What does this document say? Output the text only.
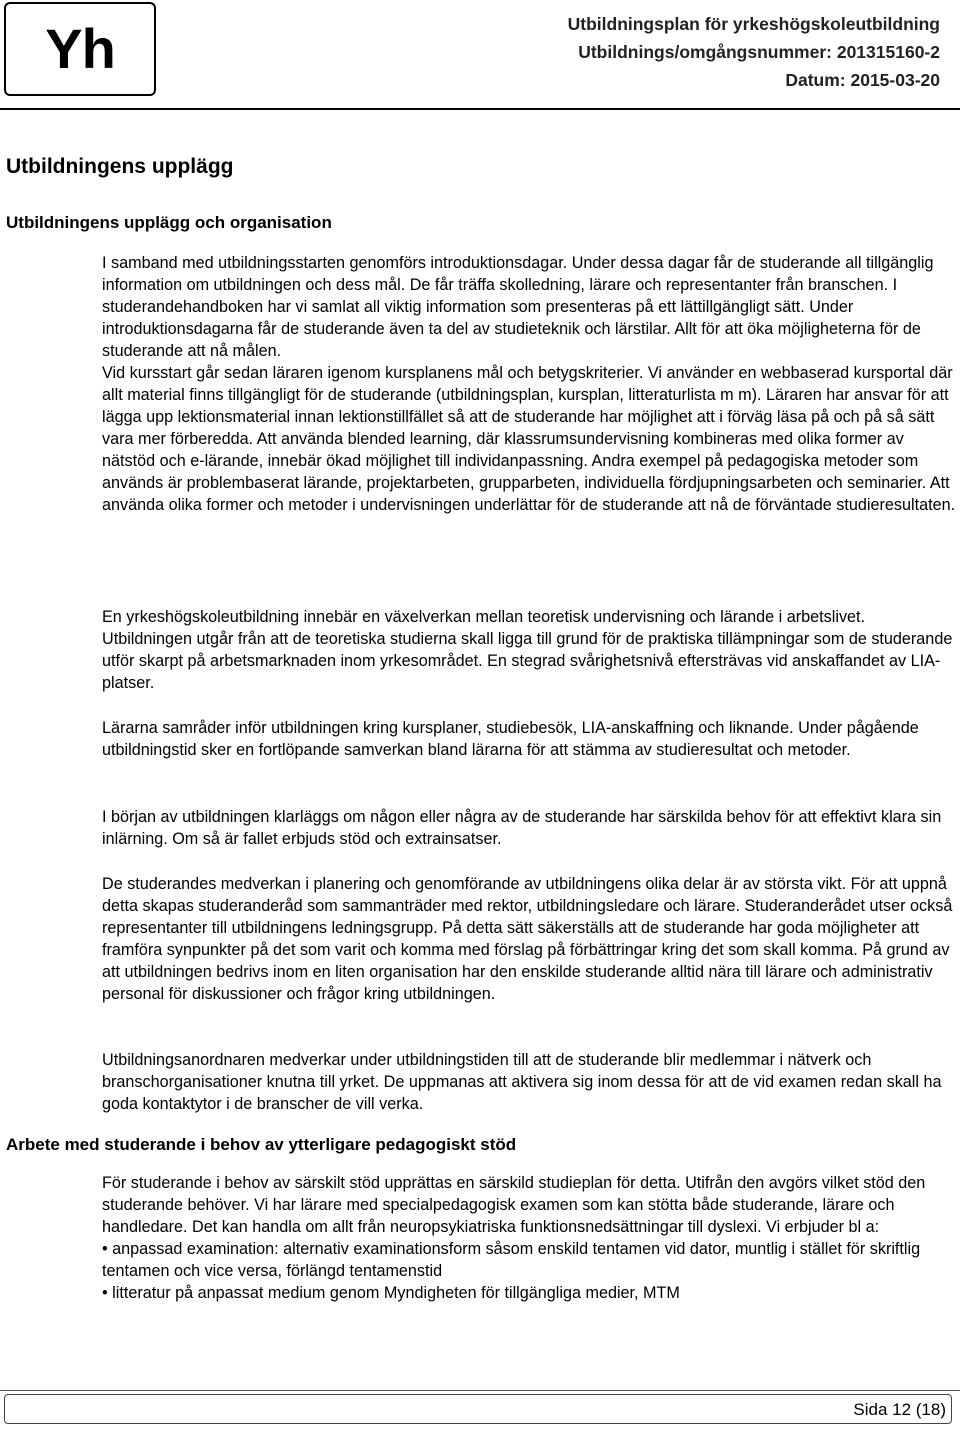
Yh	Utbildningsplan för yrkeshögskoleutbildning
Utbildnings/omgångsnummer: 201315160-2
Datum: 2015-03-20
Utbildningens upplägg
Utbildningens upplägg och organisation

I samband med utbildningsstarten genomförs introduktionsdagar. Under dessa dagar får de studerande all tillgänglig information om utbildningen och dess mål. De får träffa skolledning, lärare och representanter från branschen. I studerandehandboken har vi samlat all viktig information som presenteras på ett lättillgängligt sätt. Under introduktionsdagarna får de studerande även ta del av studieteknik och lärstilar. Allt för att öka möjligheterna för de studerande att nå målen.

Vid kursstart går sedan läraren igenom kursplanens mål och betygskriterier. Vi använder en webbaserad kursportal där allt material finns tillgängligt för de studerande (utbildningsplan, kursplan, litteraturlista m m). Läraren har ansvar för att lägga upp lektionsmaterial innan lektionstillfället så att de studerande har möjlighet att i förväg läsa på och på så sätt vara mer förberedda. Att använda blended learning, där klassrumsundervisning kombineras med olika former av nätstöd och e-lärande, innebär ökad möjlighet till individanpassning. Andra exempel på pedagogiska metoder som används är problembaserat lärande, projektarbeten, grupparbeten, individuella fördjupningsarbeten och seminarier. Att använda olika former och metoder i undervisningen underlättar för de studerande att nå de förväntade studieresultaten.

En yrkeshögskoleutbildning innebär en växelverkan mellan teoretisk undervisning och lärande i arbetslivet. Utbildningen utgår från att de teoretiska studierna skall ligga till grund för de praktiska tillämpningar som de studerande utför skarpt på arbetsmarknaden inom yrkesområdet. En stegrad svårighetsnivå eftersträvas vid anskaffandet av LIA-platser.

Lärarna samråder inför utbildningen kring kursplaner, studiebesök, LIA-anskaffning och liknande. Under pågående utbildningstid sker en fortlöpande samverkan bland lärarna för att stämma av studieresultat och metoder.

I början av utbildningen klarläggs om någon eller några av de studerande har särskilda behov för att effektivt klara sin inlärning. Om så är fallet erbjuds stöd och extrainsatser.

De studerandes medverkan i planering och genomförande av utbildningens olika delar är av största vikt. För att uppnå detta skapas studeranderåd som sammanträder med rektor, utbildningsledare och lärare. Studeranderådet utser också representanter till utbildningens ledningsgrupp. På detta sätt säkerställs att de studerande har goda möjligheter att framföra synpunkter på det som varit och komma med förslag på förbättringar kring det som skall komma. På grund av att utbildningen bedrivs inom en liten organisation har den enskilde studerande alltid nära till lärare och administrativ personal för diskussioner och frågor kring utbildningen.

Utbildningsanordnaren medverkar under utbildningstiden till att de studerande blir medlemmar i nätverk och branschorganisationer knutna till yrket. De uppmanas att aktivera sig inom dessa för att de vid examen redan skall ha goda kontaktytor i de branscher de vill verka.

Arbete med studerande i behov av ytterligare pedagogiskt stöd

För studerande i behov av särskilt stöd upprättas en särskild studieplan för detta. Utifrån den avgörs vilket stöd den studerande behöver. Vi har lärare med specialpedagogisk examen som kan stötta både studerande, lärare och handledare. Det kan handla om allt från neuropsykiatriska funktionsnedsättningar till dyslexi. Vi erbjuder bl a:

• anpassad examination: alternativ examinationsform såsom enskild tentamen vid dator, muntlig i stället för skriftlig tentamen och vice versa, förlängd tentamenstid

• litteratur på anpassat medium genom Myndigheten för tillgängliga medier, MTM

Sida 12 (18)
